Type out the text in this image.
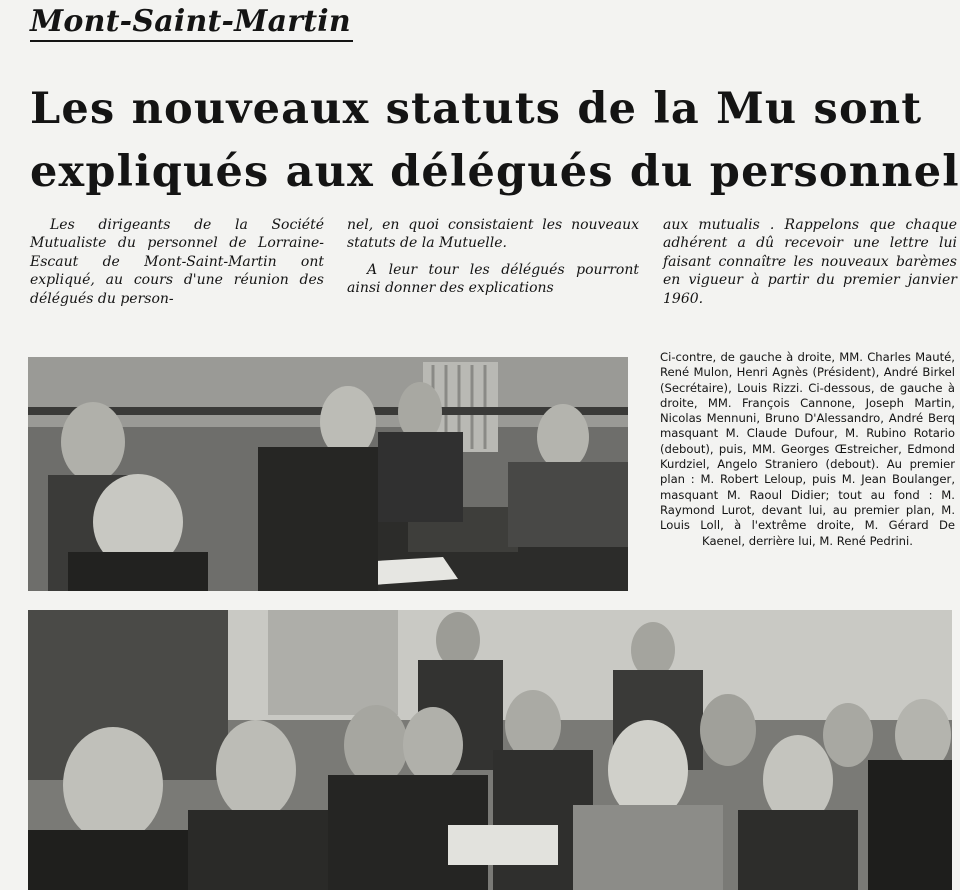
Mont-Saint-Martin
Les nouveaux statuts de la Mu sont
expliqués aux délégués du personnel

Les dirigeants de la Société Mutualiste du personnel de Lorraine-Escaut de Mont-Saint-Martin ont expliqué, au cours d'une réunion des délégués du person-

nel, en quoi consistaient les nouveaux statuts de la Mutuelle.

A leur tour les délégués pourront ainsi donner des explications

aux mutualis . Rappelons que chaque adhérent a dû recevoir une lettre lui faisant connaître les nouveaux barèmes en vigueur à partir du premier janvier 1960.

Ci-contre, de gauche à droite, MM. Charles Mauté, René Mulon, Henri Agnès (Président), André Birkel (Secrétaire), Louis Rizzi. Ci-dessous, de gauche à droite, MM. François Cannone, Joseph Martin, Nicolas Mennuni, Bruno D'Alessandro, André Berq masquant M. Claude Dufour, M. Rubino Rotario (debout), puis, MM. Georges Œstreicher, Edmond Kurdziel, Angelo Straniero (debout). Au premier plan : M. Robert Leloup, puis M. Jean Boulanger, masquant M. Raoul Didier; tout au fond : M. Raymond Lurot, devant lui, au premier plan, M. Louis Loll, à l'extrême droite, M. Gérard De Kaenel, derrière lui, M. René Pedrini.
